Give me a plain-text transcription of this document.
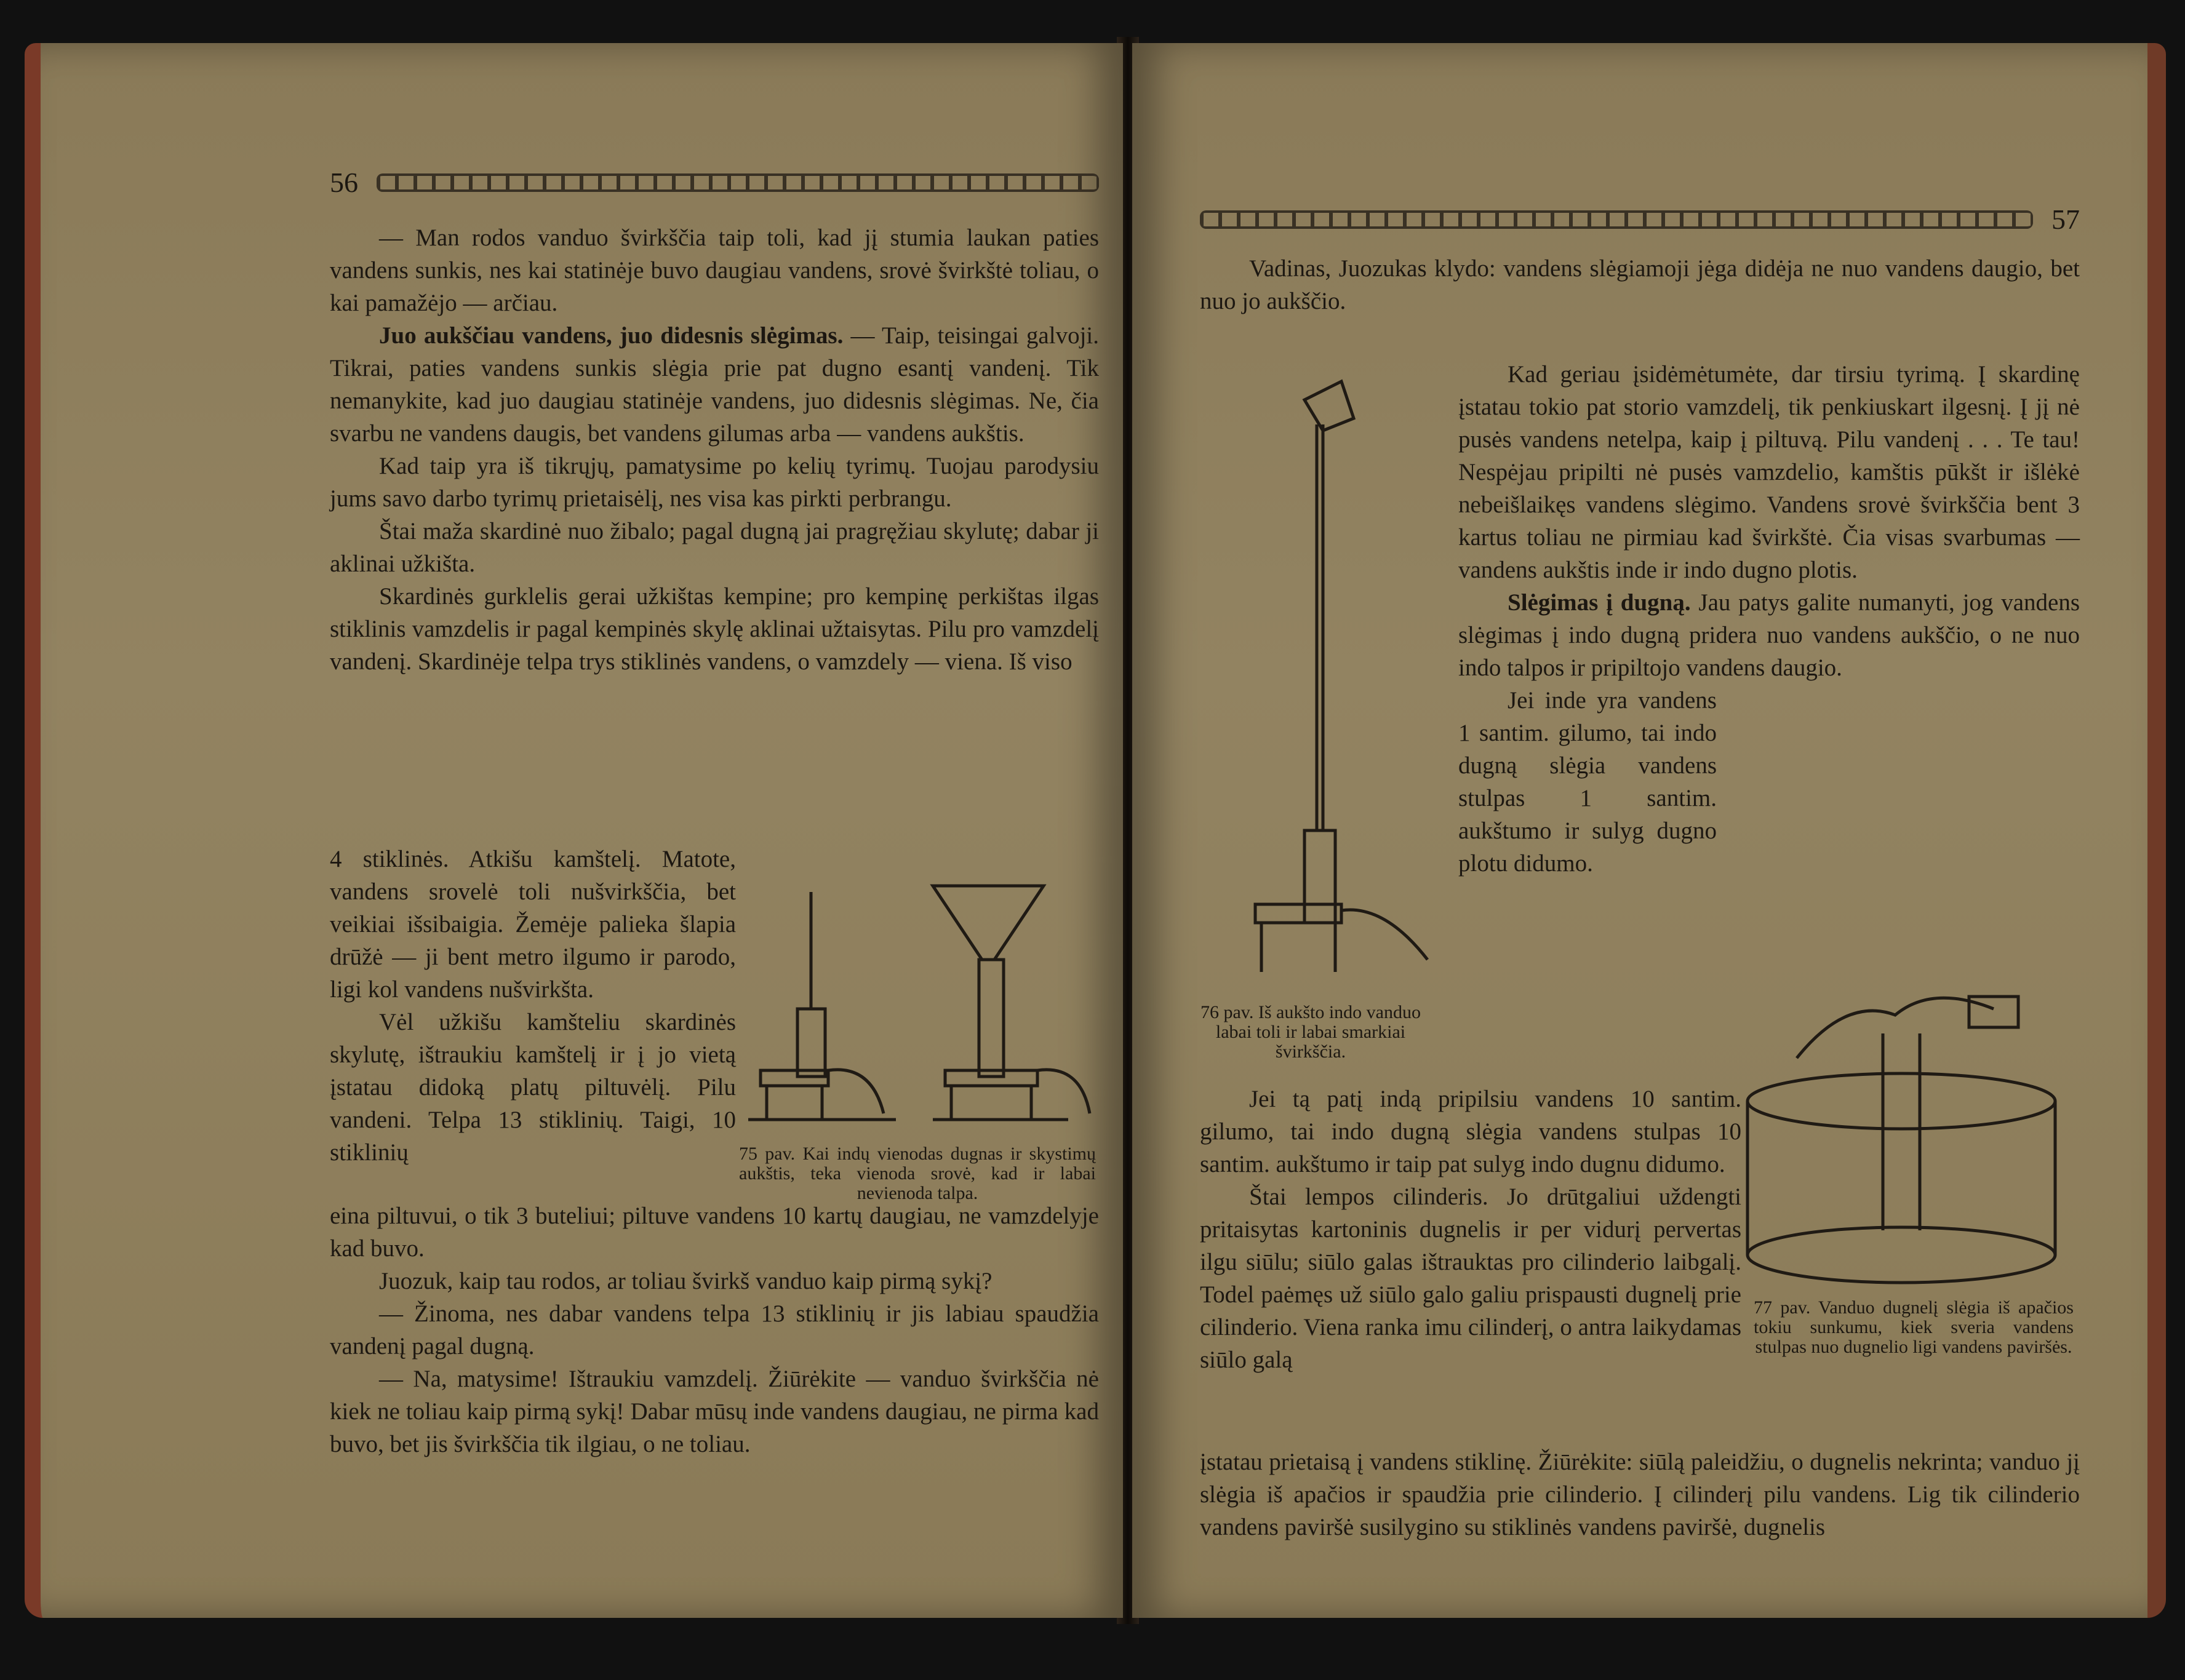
56

— Man rodos vanduo švirkščia taip toli, kad jį stumia laukan paties vandens sunkis, nes kai statinėje buvo daugiau vandens, srovė švirkštė toliau, o kai pamažėjo — arčiau.

Juo aukščiau vandens, juo didesnis slėgimas. — Taip, teisingai galvoji. Tikrai, paties vandens sunkis slėgia prie pat dugno esantį vandenį. Tik nemanykite, kad juo daugiau statinėje vandens, juo didesnis slėgimas. Ne, čia svarbu ne vandens daugis, bet vandens gilumas arba — vandens aukštis.

Kad taip yra iš tikrųjų, pamatysime po kelių tyrimų. Tuojau parodysiu jums savo darbo tyrimų prietaisėlį, nes visa kas pirkti perbrangu.

Štai maža skardinė nuo žibalo; pagal dugną jai pragręžiau skylutę; dabar ji aklinai užkišta.

Skardinės gurklelis gerai užkištas kempine; pro kempinę perkištas ilgas stiklinis vamzdelis ir pagal kempinės skylę aklinai užtaisytas. Pilu pro vamzdelį vandenį. Skardinėje telpa trys stiklinės vandens, o vamzdely — viena. Iš viso

4 stiklinės. Atkišu kamštelį. Matote, vandens srovelė toli nušvirkščia, bet veikiai išsibaigia. Žemėje palieka šlapia drūžė — ji bent metro ilgumo ir parodo, ligi kol vandens nušvirkšta.

Vėl užkišu kamšteliu skardinės skylutę, ištraukiu kamštelį ir į jo vietą įstatau didoką platų piltuvėlį. Pilu vandeni. Telpa 13 stiklinių. Taigi, 10 stiklinių	75 pav. Kai indų vienodas dugnas ir skystimų aukštis, teka vienoda srovė, kad ir labai nevienoda talpa.

eina piltuvui, o tik 3 buteliui; piltuve vandens 10 kartų daugiau, ne vamzdelyje kad buvo.

Juozuk, kaip tau rodos, ar toliau švirkš vanduo kaip pirmą sykį?

— Žinoma, nes dabar vandens telpa 13 stiklinių ir jis labiau spaudžia vandenį pagal dugną.

— Na, matysime! Ištraukiu vamzdelį. Žiūrėkite — vanduo švirkščia nė kiek ne toliau kaip pirmą sykį! Dabar mūsų inde vandens daugiau, ne pirma kad buvo, bet jis švirkščia tik ilgiau, o ne toliau.

57

Vadinas, Juozukas klydo: vandens slėgiamoji jėga didėja ne nuo vandens daugio, bet nuo jo aukščio.

76 pav. Iš aukšto indo vanduo labai toli ir labai smarkiai švirkščia.

Kad geriau įsidėmėtumėte, dar tirsiu tyrimą. Į skardinę įstatau tokio pat storio vamzdelį, tik penkiuskart ilgesnį. Į jį nė pusės vandens netelpa, kaip į piltuvą. Pilu vandenį . . . Te tau! Nespėjau pripilti nė pusės vamzdelio, kamštis pūkšt ir išlėkė nebeišlaikęs vandens slėgimo. Vandens srovė švirkščia bent 3 kartus toliau ne pirmiau kad švirkštė. Čia visas svarbumas — vandens aukštis inde ir indo dugno plotis.

Slėgimas į dugną. Jau patys galite numanyti, jog vandens slėgimas į indo dugną pridera nuo vandens aukščio, o ne nuo indo talpos ir pripiltojo vandens daugio.

Jei inde yra vandens 1 santim. gilumo, tai indo dugną slėgia vandens stulpas 1 santim. aukštumo ir sulyg dugno plotu didumo.

Jei tą patį indą pripilsiu vandens 10 santim. gilumo, tai indo dugną slėgia vandens stulpas 10 santim. aukštumo ir taip pat sulyg indo dugnu didumo.

Štai lempos cilinderis. Jo drūtgaliui uždengti pritaisytas kartoninis dugnelis ir per vidurį pervertas ilgu siūlu; siūlo galas ištrauktas pro cilinderio laibgalį. Todel paėmęs už siūlo galo galiu prispausti dugnelį prie cilinderio. Viena ranka imu cilinderį, o antra laikydamas siūlo galą

77 pav. Vanduo dugnelį slėgia iš apačios tokiu sunkumu, kiek sveria vandens stulpas nuo dugnelio ligi vandens paviršės.

įstatau prietaisą į vandens stiklinę. Žiūrėkite: siūlą paleidžiu, o dugnelis nekrinta; vanduo jį slėgia iš apačios ir spaudžia prie cilinderio. Į cilinderį pilu vandens. Lig tik cilinderio vandens paviršė susilygino su stiklinės vandens paviršė, dugnelis
